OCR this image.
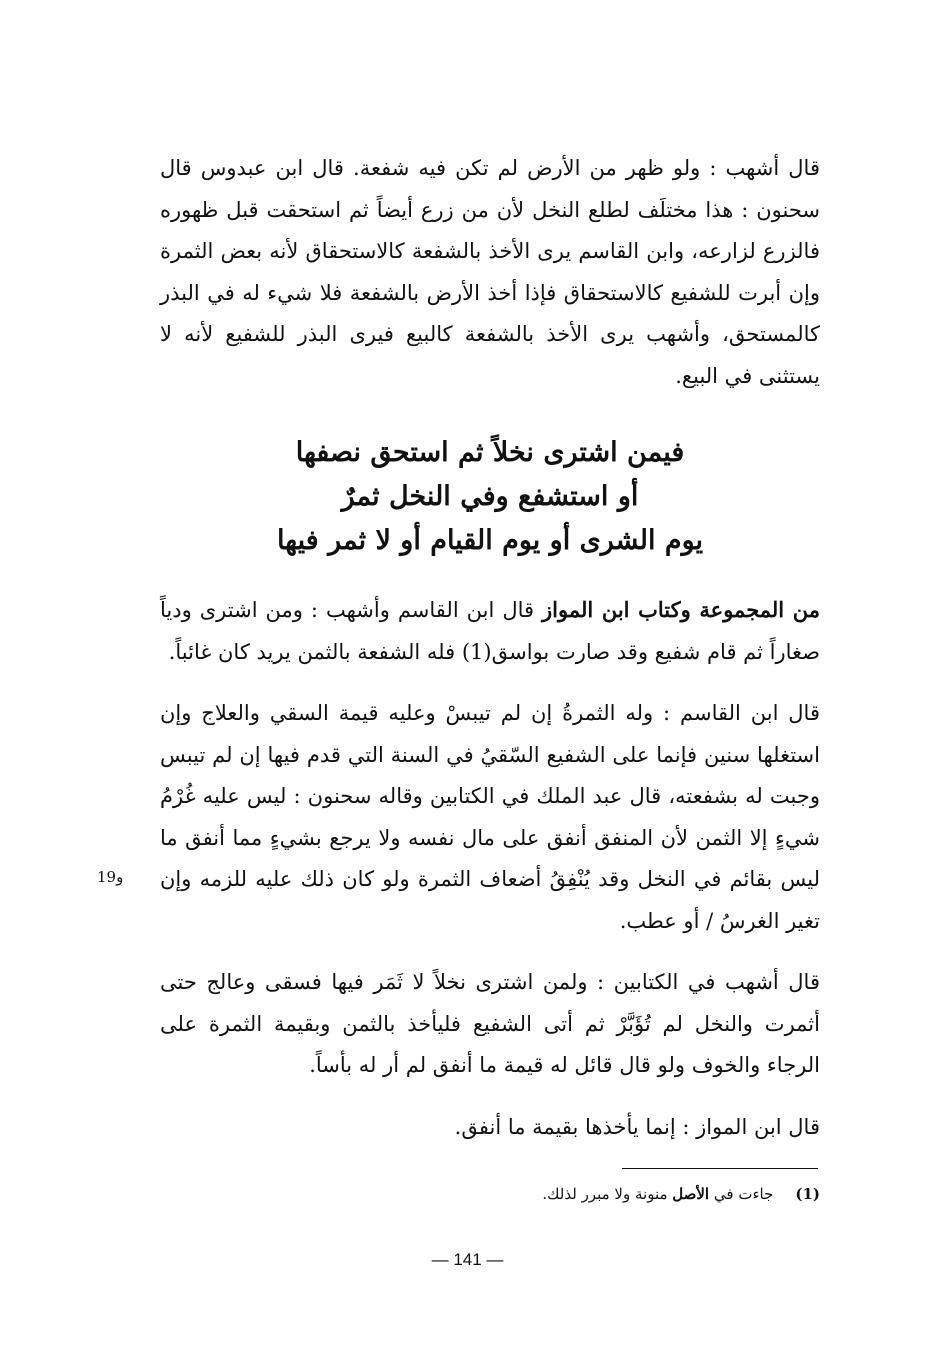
قال أشهب : ولو ظهر من الأرض لم تكن فيه شفعة. قال ابن عبدوس قال سحنون : هذا مختلَف لطلع النخل لأن من زرع أيضاً ثم استحقت قبل ظهوره فالزرع لزارعه، وابن القاسم يرى الأخذ بالشفعة كالاستحقاق لأنه بعض الثمرة وإن أبرت للشفيع كالاستحقاق فإذا أخذ الأرض بالشفعة فلا شيء له في البذر كالمستحق، وأشهب يرى الأخذ بالشفعة كالبيع فيرى البذر للشفيع لأنه لا يستثنى في البيع.

فيمن اشترى نخلاً ثم استحق نصفها
أو استشفع وفي النخل ثمرٌ
يوم الشرى أو يوم القيام أو لا ثمر فيها

من المجموعة وكتاب ابن المواز قال ابن القاسم وأشهب : ومن اشترى ودياً صغاراً ثم قام شفيع وقد صارت بواسق(1) فله الشفعة بالثمن يريد كان غائباً.

قال ابن القاسم : وله الثمرةُ إن لم تيبسْ وعليه قيمة السقي والعلاج وإن استغلها سنين فإنما على الشفيع السّقيُ في السنة التي قدم فيها إن لم تيبس وجبت له بشفعته، قال عبد الملك في الكتابين وقاله سحنون : ليس عليه غُرْمُ شيءٍ إلا الثمن لأن المنفق أنفق على مال نفسه ولا يرجع بشيءٍ مما أنفق ما ليس بقائم في النخل وقد يُنْفِقُ أضعاف الثمرة ولو كان ذلك عليه للزمه وإن تغير الغرسُ / أو عطب.

قال أشهب في الكتابين : ولمن اشترى نخلاً لا ثَمَر فيها فسقى وعالج حتى أثمرت والنخل لم تُؤَبَّرْ ثم أتى الشفيع فليأخذ بالثمن وبقيمة الثمرة على الرجاء والخوف ولو قال قائل له قيمة ما أنفق لم أر له بأساً.

قال ابن المواز : إنما يأخذها بقيمة ما أنفق.

19و
(1)جاءت في الأصل منونة ولا مبرر لذلك.
— 141 —
